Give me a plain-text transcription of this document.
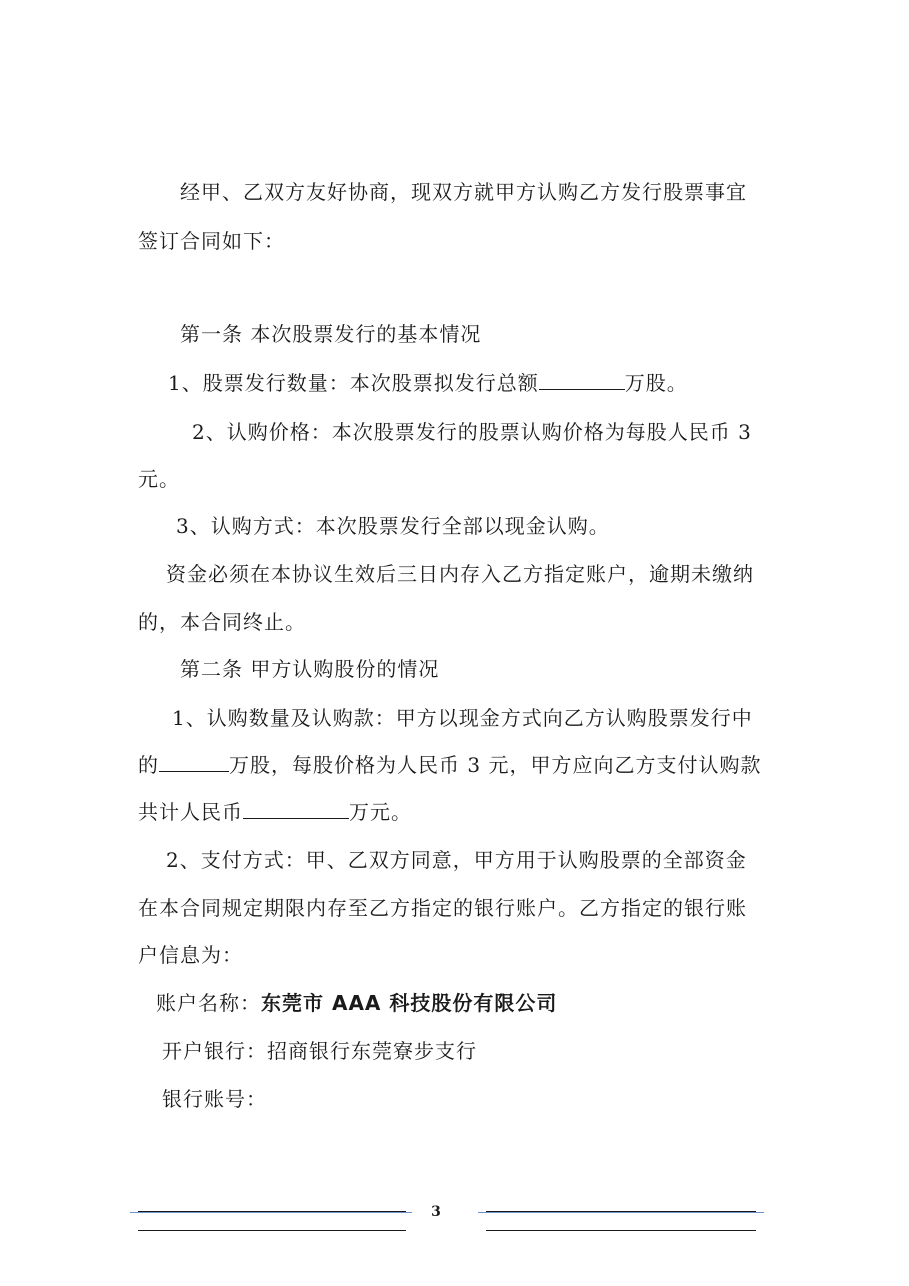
经甲、乙双方友好协商，现双方就甲方认购乙方发行股票事宜
签订合同如下：
第一条 本次股票发行的基本情况
1、股票发行数量：本次股票拟发行总额	万股。
2、认购价格：本次股票发行的股票认购价格为每股人民币 3
元。
3、认购方式：本次股票发行全部以现金认购。
资金必须在本协议生效后三日内存入乙方指定账户，逾期未缴纳
的，本合同终止。
第二条 甲方认购股份的情况
1、认购数量及认购款：甲方以现金方式向乙方认购股票发行中
的	万股，每股价格为人民币 3 元，甲方应向乙方支付认购款
共计人民币	万元。
2、支付方式：甲、乙双方同意，甲方用于认购股票的全部资金
在本合同规定期限内存至乙方指定的银行账户。乙方指定的银行账
户信息为：
账户名称：东莞市 AAA 科技股份有限公司
开户银行：招商银行东莞寮步支行
银行账号：
3
